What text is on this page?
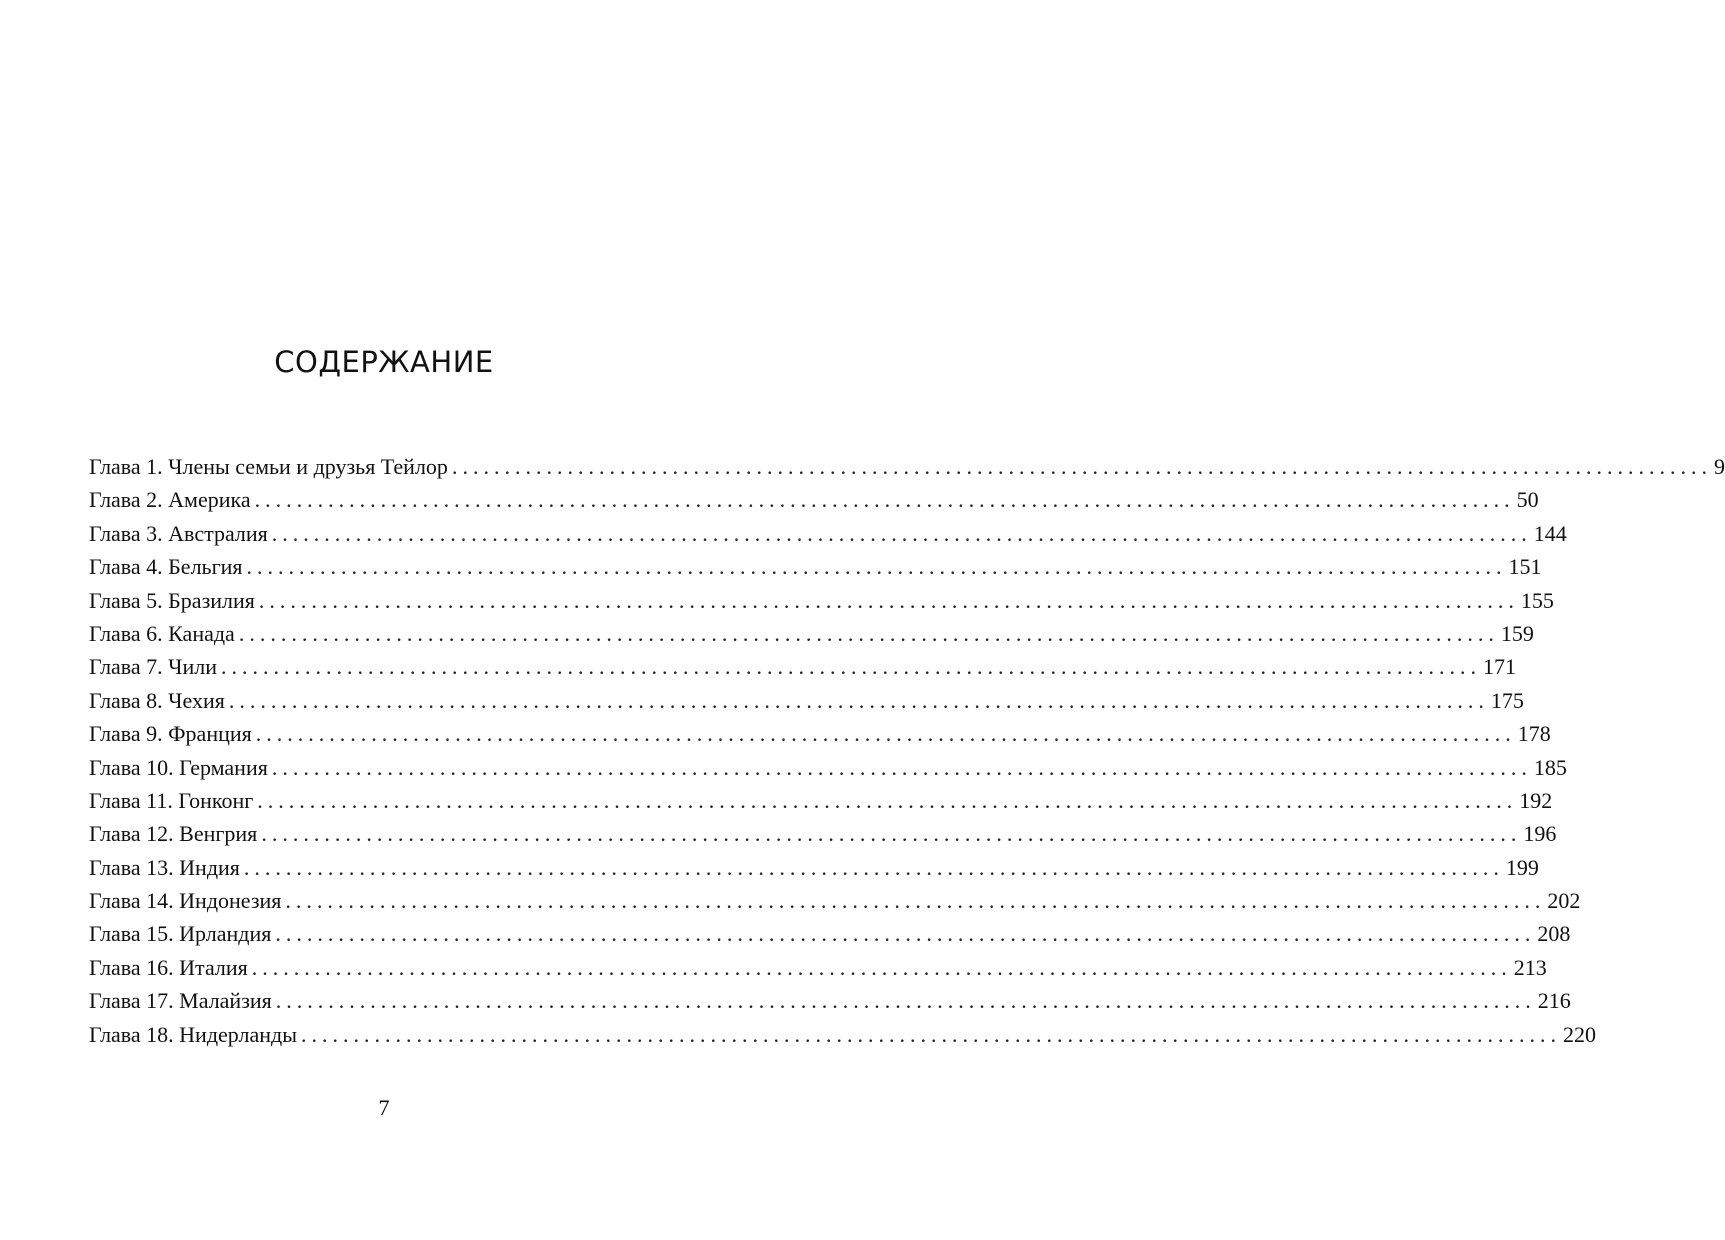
СОДЕРЖАНИЕ
Глава 1. Члены семьи и друзья Тейлор ........................................................................................................................ 9
Глава 2. Америка ........................................................................................................................ 50
Глава 3. Австралия ........................................................................................................................ 144
Глава 4. Бельгия ........................................................................................................................ 151
Глава 5. Бразилия ........................................................................................................................ 155
Глава 6. Канада ........................................................................................................................ 159
Глава 7. Чили ........................................................................................................................ 171
Глава 8. Чехия ........................................................................................................................ 175
Глава 9. Франция ........................................................................................................................ 178
Глава 10. Германия ........................................................................................................................ 185
Глава 11. Гонконг ........................................................................................................................ 192
Глава 12. Венгрия ........................................................................................................................ 196
Глава 13. Индия ........................................................................................................................ 199
Глава 14. Индонезия ........................................................................................................................ 202
Глава 15. Ирландия ........................................................................................................................ 208
Глава 16. Италия ........................................................................................................................ 213
Глава 17. Малайзия ........................................................................................................................ 216
Глава 18. Нидерланды ........................................................................................................................ 220
7
